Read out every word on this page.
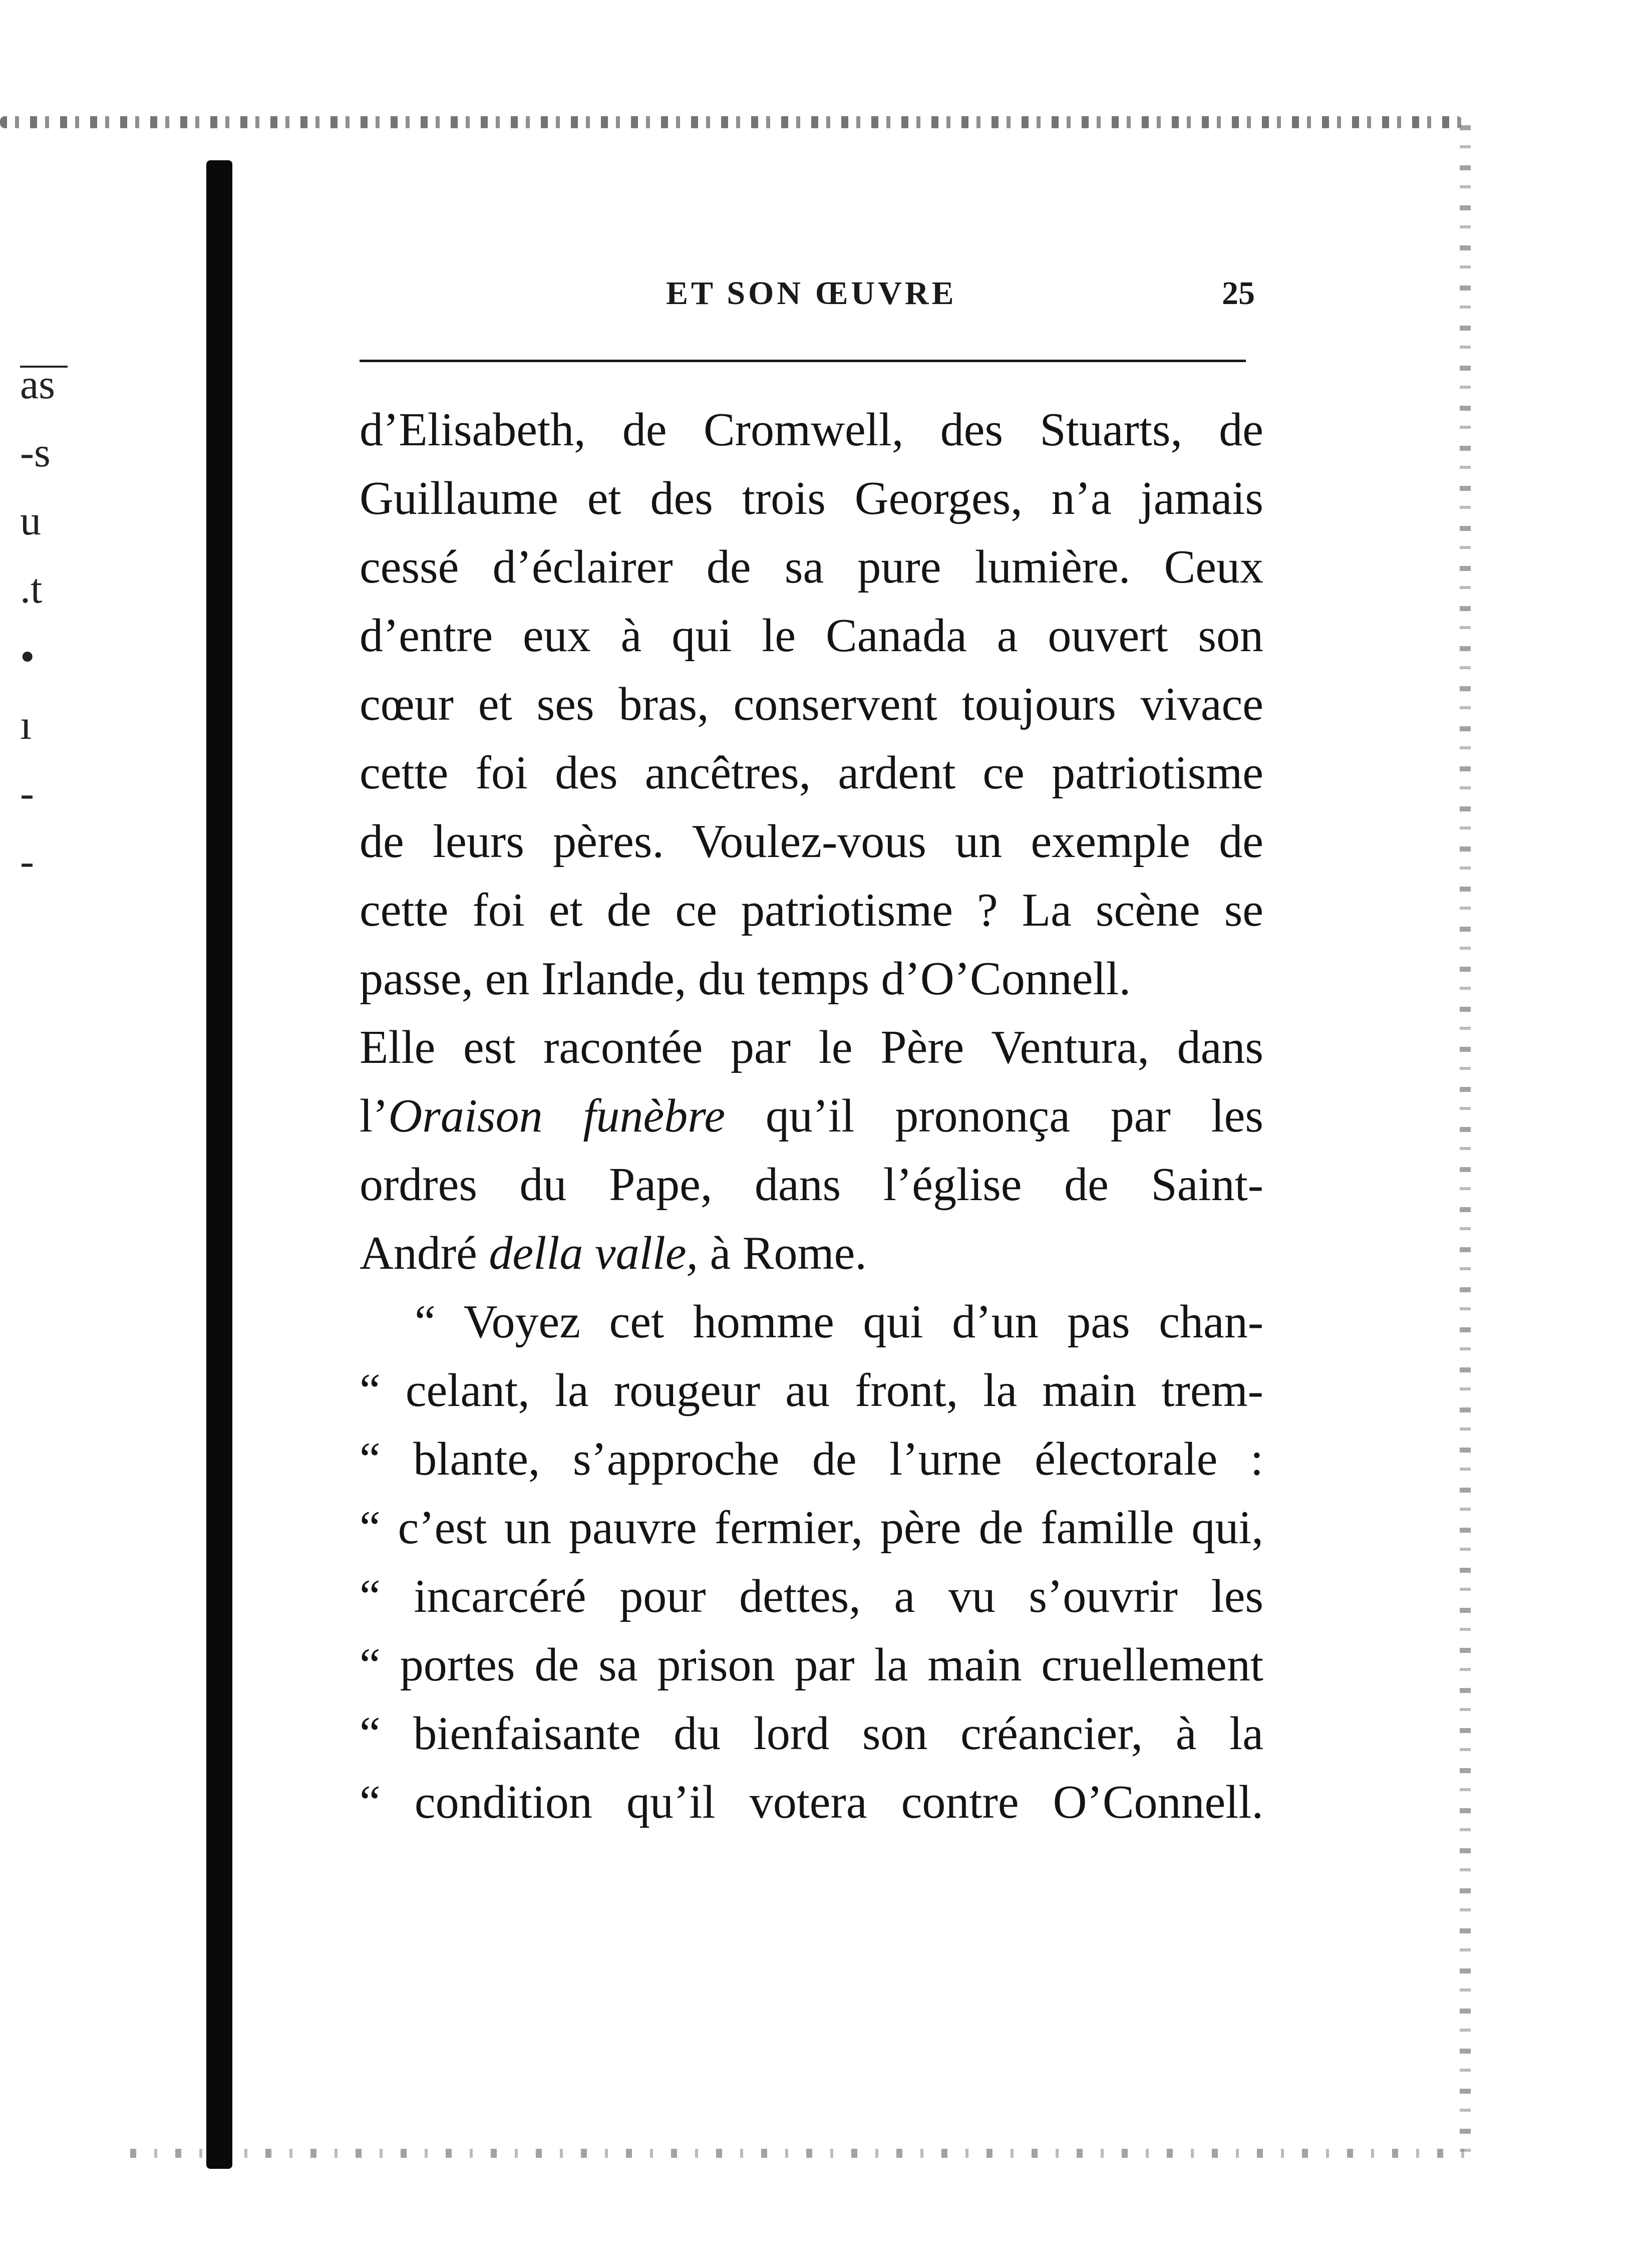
as
-s
u
.t
•
ı
-
-
ET SON ŒUVRE	25
d’Elisabeth, de Cromwell, des Stuarts, de
Guillaume et des trois Georges, n’a jamais
cessé d’éclairer de sa pure lumière. Ceux
d’entre eux à qui le Canada a ouvert son
cœur et ses bras, conservent toujours vivace
cette foi des ancêtres, ardent ce patriotisme
de leurs pères. Voulez-vous un exemple de
cette foi et de ce patriotisme ? La scène se
passe, en Irlande, du temps d’O’Connell.
Elle est racontée par le Père Ventura, dans
l’Oraison funèbre qu’il prononça par les
ordres du Pape, dans l’église de Saint-
André della valle, à Rome.
“ Voyez cet homme qui d’un pas chan-
“ celant, la rougeur au front, la main trem-
“ blante, s’approche de l’urne électorale :
“ c’est un pauvre fermier, père de famille qui,
“ incarcéré pour dettes, a vu s’ouvrir les
“ portes de sa prison par la main cruellement
“ bienfaisante du lord son créancier, à la
“ condition qu’il votera contre O’Connell.
